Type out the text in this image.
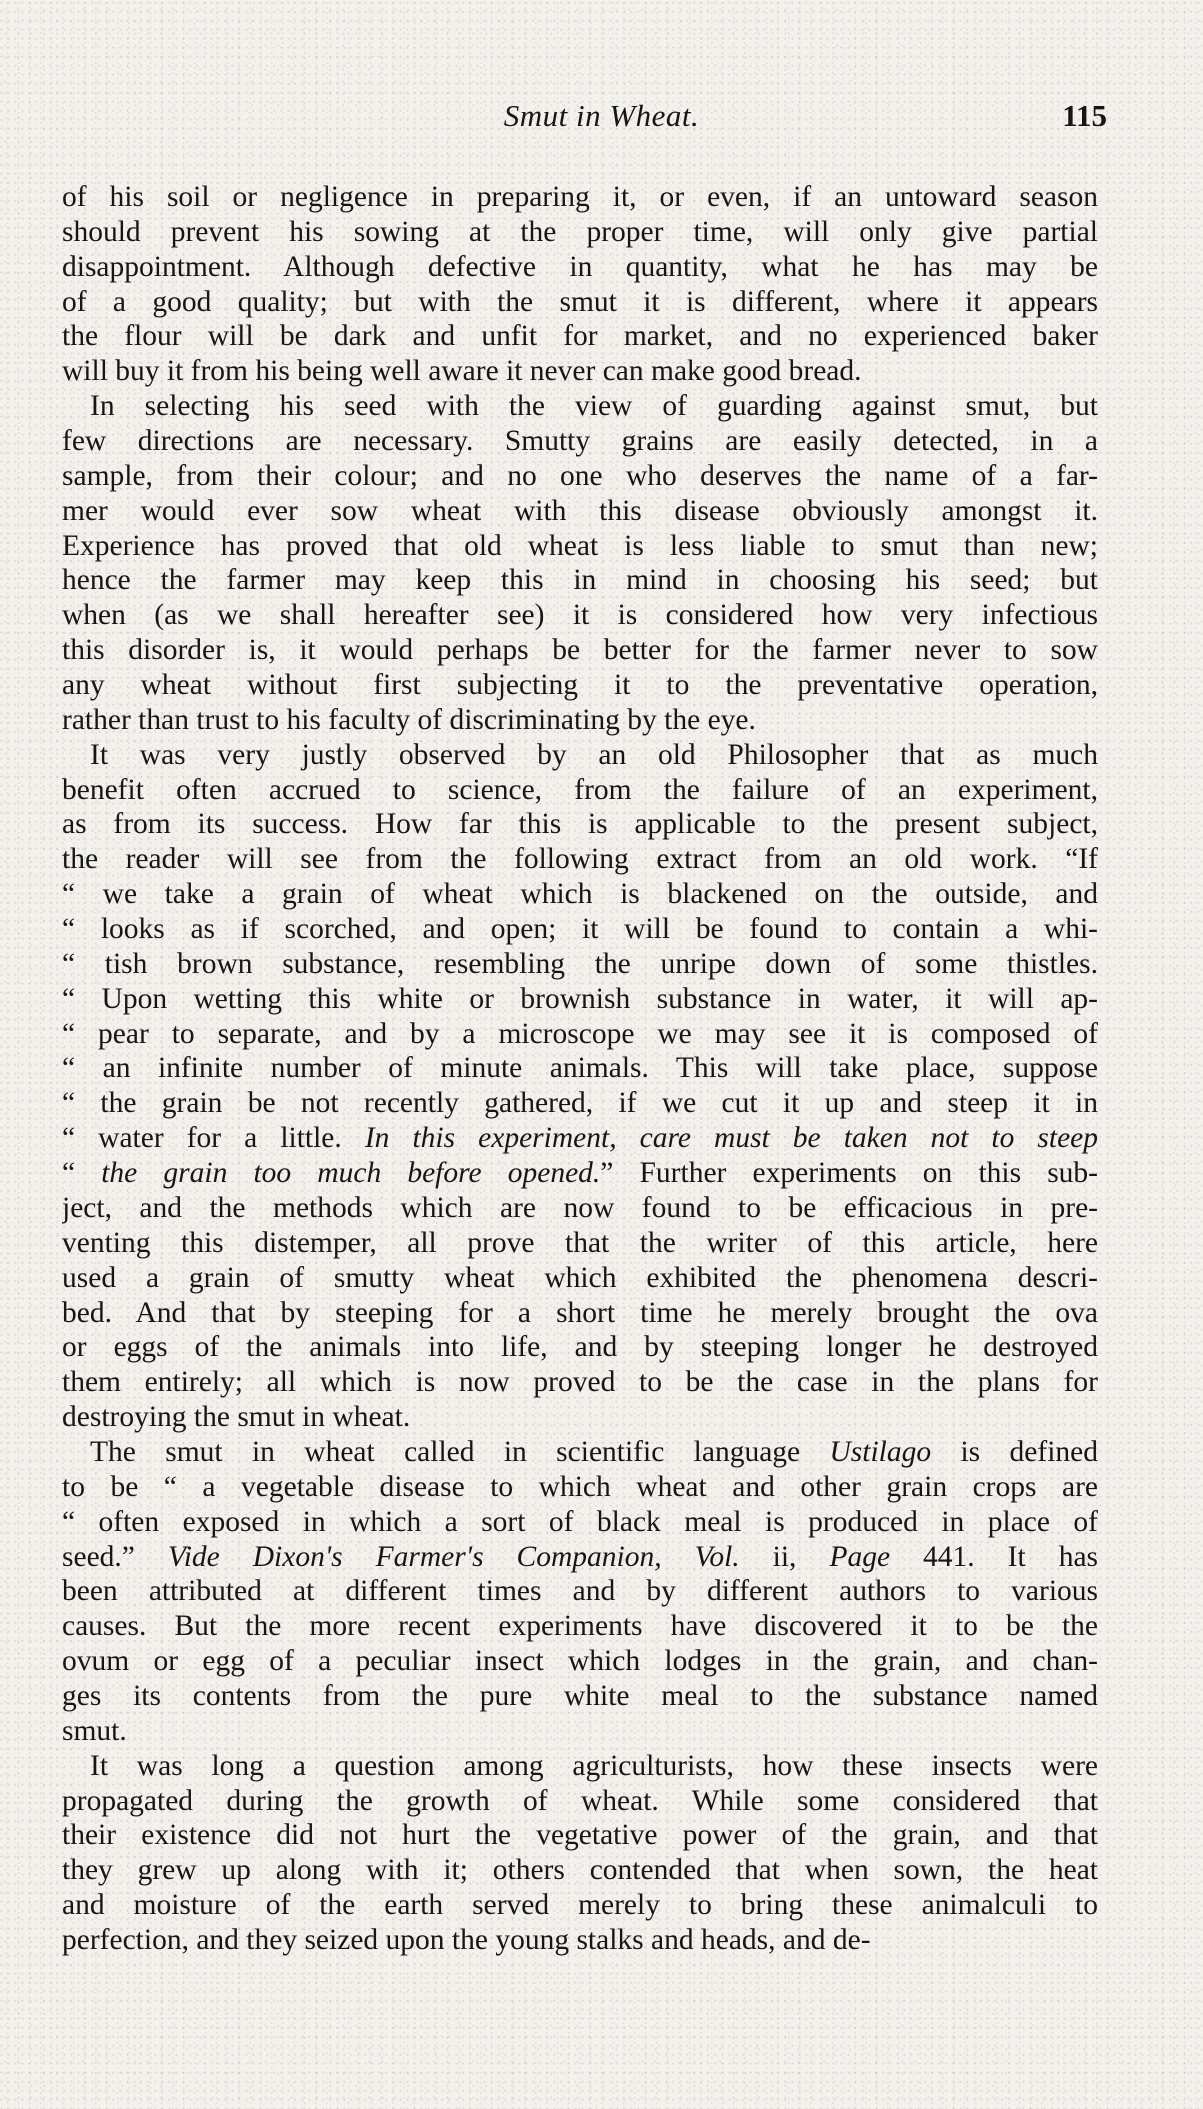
Smut in Wheat.	115
of his soil or negligence in preparing it, or even, if an untoward season
should prevent his sowing at the proper time, will only give partial
disappointment. Although defective in quantity, what he has may be
of a good quality; but with the smut it is different, where it appears
the flour will be dark and unfit for market, and no experienced baker
will buy it from his being well aware it never can make good bread.
In selecting his seed with the view of guarding against smut, but
few directions are necessary. Smutty grains are easily detected, in a
sample, from their colour; and no one who deserves the name of a far-
mer would ever sow wheat with this disease obviously amongst it.
Experience has proved that old wheat is less liable to smut than new;
hence the farmer may keep this in mind in choosing his seed; but
when (as we shall hereafter see) it is considered how very infectious
this disorder is, it would perhaps be better for the farmer never to sow
any wheat without first subjecting it to the preventative operation,
rather than trust to his faculty of discriminating by the eye.
It was very justly observed by an old Philosopher that as much
benefit often accrued to science, from the failure of an experiment,
as from its success. How far this is applicable to the present subject,
the reader will see from the following extract from an old work. “If
“ we take a grain of wheat which is blackened on the outside, and
“ looks as if scorched, and open; it will be found to contain a whi-
“ tish brown substance, resembling the unripe down of some thistles.
“ Upon wetting this white or brownish substance in water, it will ap-
“ pear to separate, and by a microscope we may see it is composed of
“ an infinite number of minute animals. This will take place, suppose
“ the grain be not recently gathered, if we cut it up and steep it in
“ water for a little. In this experiment, care must be taken not to steep
“ the grain too much before opened.” Further experiments on this sub-
ject, and the methods which are now found to be efficacious in pre-
venting this distemper, all prove that the writer of this article, here
used a grain of smutty wheat which exhibited the phenomena descri-
bed. And that by steeping for a short time he merely brought the ova
or eggs of the animals into life, and by steeping longer he destroyed
them entirely; all which is now proved to be the case in the plans for
destroying the smut in wheat.
The smut in wheat called in scientific language Ustilago is defined
to be “ a vegetable disease to which wheat and other grain crops are
“ often exposed in which a sort of black meal is produced in place of
seed.” Vide Dixon's Farmer's Companion, Vol. ii, Page 441. It has
been attributed at different times and by different authors to various
causes. But the more recent experiments have discovered it to be the
ovum or egg of a peculiar insect which lodges in the grain, and chan-
ges its contents from the pure white meal to the substance named
smut.
It was long a question among agriculturists, how these insects were
propagated during the growth of wheat. While some considered that
their existence did not hurt the vegetative power of the grain, and that
they grew up along with it; others contended that when sown, the heat
and moisture of the earth served merely to bring these animalculi to
perfection, and they seized upon the young stalks and heads, and de-
